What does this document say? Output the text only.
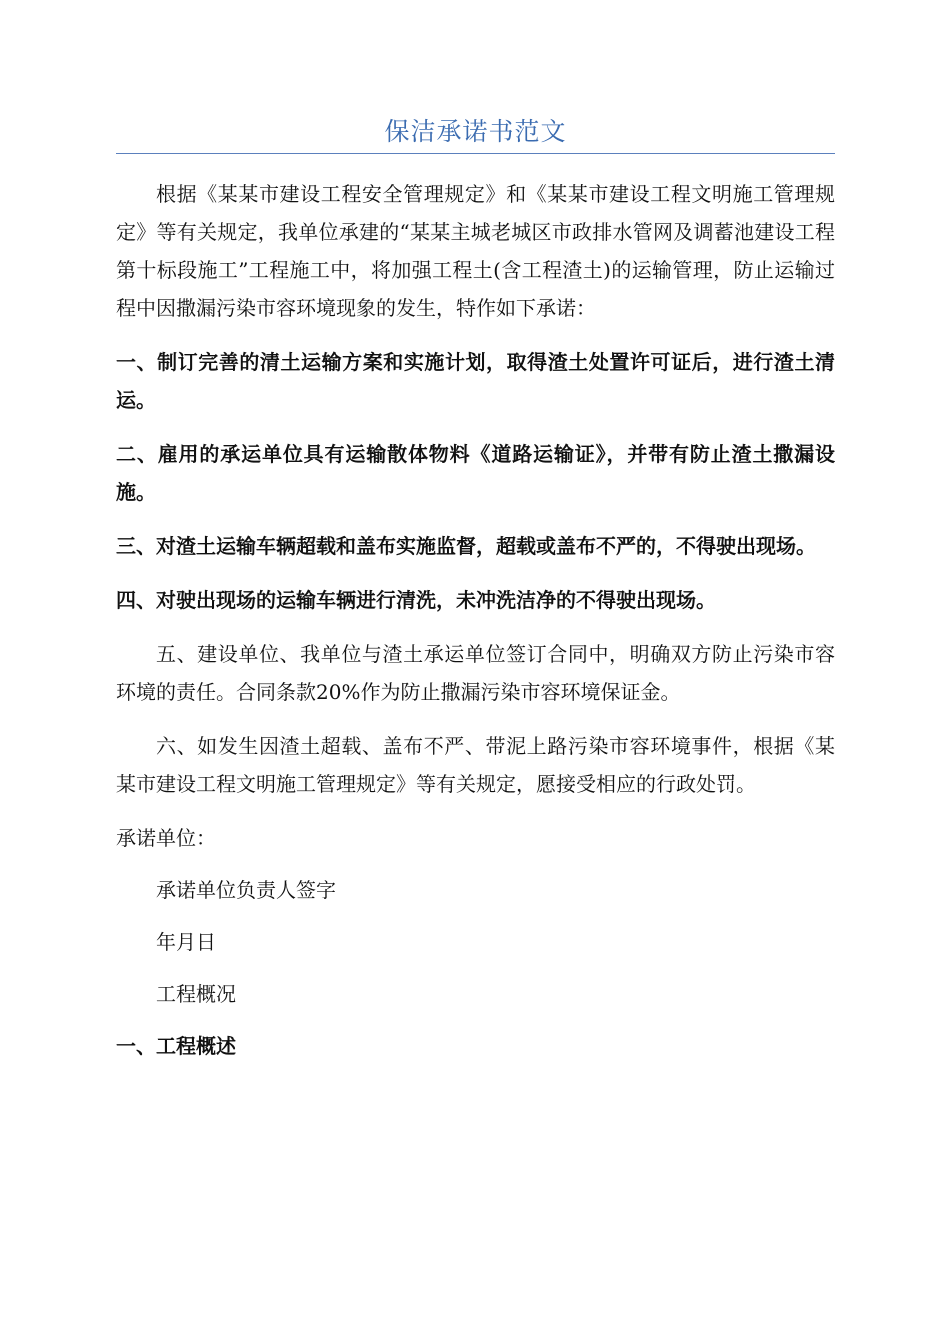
保洁承诺书范文

根据《某某市建设工程安全管理规定》和《某某市建设工程文明施工管理规定》等有关规定，我单位承建的“某某主城老城区市政排水管网及调蓄池建设工程第十标段施工”工程施工中，将加强工程土(含工程渣土)的运输管理，防止运输过程中因撒漏污染市容环境现象的发生，特作如下承诺：

一、制订完善的清土运输方案和实施计划，取得渣土处置许可证后，进行渣土清运。

二、雇用的承运单位具有运输散体物料《道路运输证》，并带有防止渣土撒漏设施。

三、对渣土运输车辆超载和盖布实施监督，超载或盖布不严的，不得驶出现场。

四、对驶出现场的运输车辆进行清洗，未冲洗洁净的不得驶出现场。

五、建设单位、我单位与渣土承运单位签订合同中，明确双方防止污染市容环境的责任。合同条款20%作为防止撒漏污染市容环境保证金。

六、如发生因渣土超载、盖布不严、带泥上路污染市容环境事件，根据《某某市建设工程文明施工管理规定》等有关规定，愿接受相应的行政处罚。

承诺单位：

承诺单位负责人签字

年月日

工程概况

一、工程概述
